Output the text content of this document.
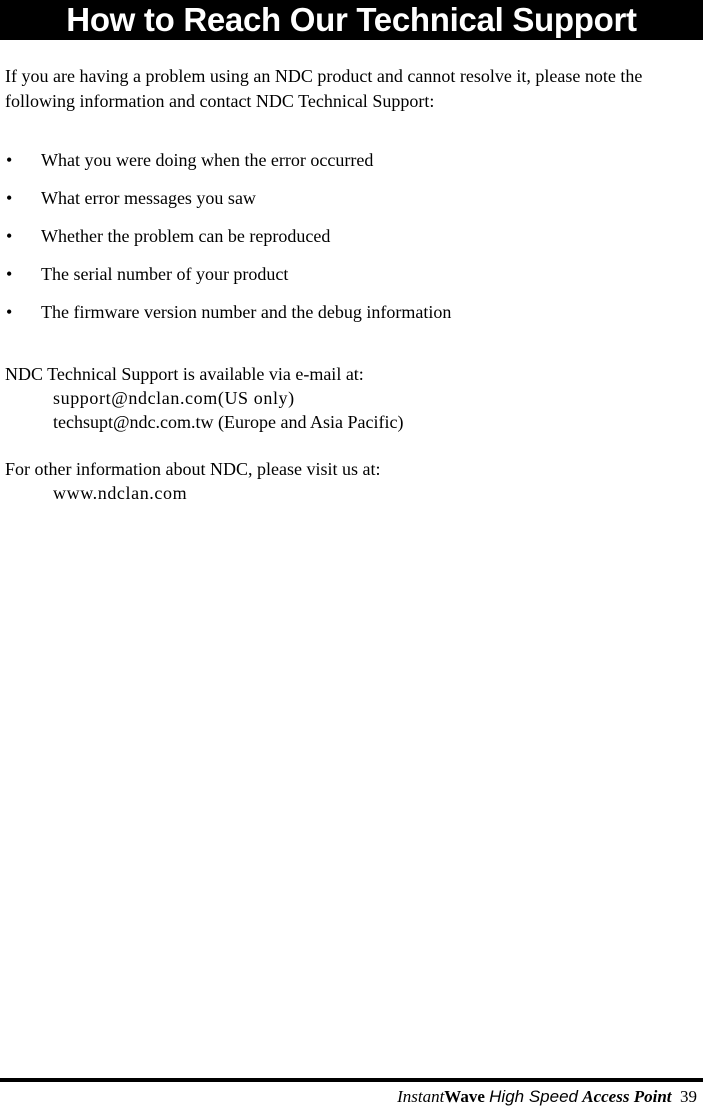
How to Reach Our Technical Support

If you are having a problem using an NDC product and cannot resolve it, please note the following information and contact NDC Technical Support:

• What you were doing when the error occurred
• What error messages you saw
• Whether the problem can be reproduced
• The serial number of your product
• The firmware version number and the debug information
NDC Technical Support is available via e-mail at:
support@ndclan.com(US only)
techsupt@ndc.com.tw (Europe and Asia Pacific)
For other information about NDC, please visit us at:
www.ndclan.com
InstantWave High Speed Access Point 39
